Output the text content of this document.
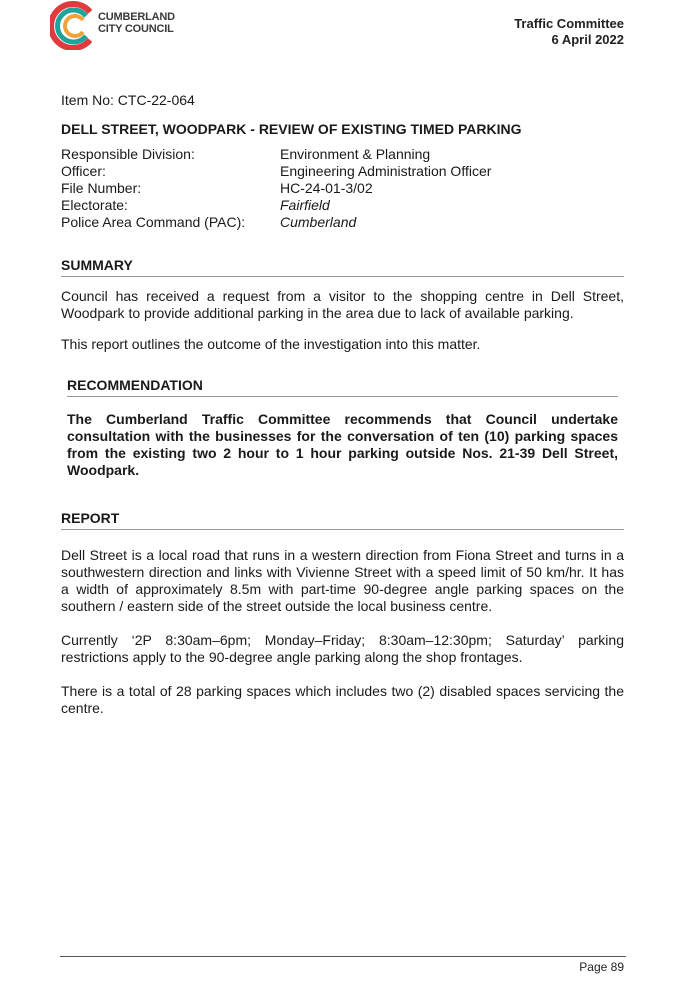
CUMBERLAND
CITY COUNCIL	Traffic Committee
6 April 2022
Item No: CTC-22-064
DELL STREET, WOODPARK - REVIEW OF EXISTING TIMED PARKING
Responsible Division:	Environment & Planning
Officer:	Engineering Administration Officer
File Number:	HC-24-01-3/02
Electorate:	Fairfield
Police Area Command (PAC):	Cumberland
SUMMARY

Council has received a request from a visitor to the shopping centre in Dell Street, Woodpark to provide additional parking in the area due to lack of available parking.

This report outlines the outcome of the investigation into this matter.

RECOMMENDATION

The Cumberland Traffic Committee recommends that Council undertake consultation with the businesses for the conversation of ten (10) parking spaces from the existing two 2 hour to 1 hour parking outside Nos. 21-39 Dell Street, Woodpark.

REPORT

Dell Street is a local road that runs in a western direction from Fiona Street and turns in a southwestern direction and links with Vivienne Street with a speed limit of 50 km/hr. It has a width of approximately 8.5m with part-time 90-degree angle parking spaces on the southern / eastern side of the street outside the local business centre.

Currently ‘2P 8:30am–6pm; Monday–Friday; 8:30am–12:30pm; Saturday’ parking restrictions apply to the 90-degree angle parking along the shop frontages.

There is a total of 28 parking spaces which includes two (2) disabled spaces servicing the centre.

Page 89
